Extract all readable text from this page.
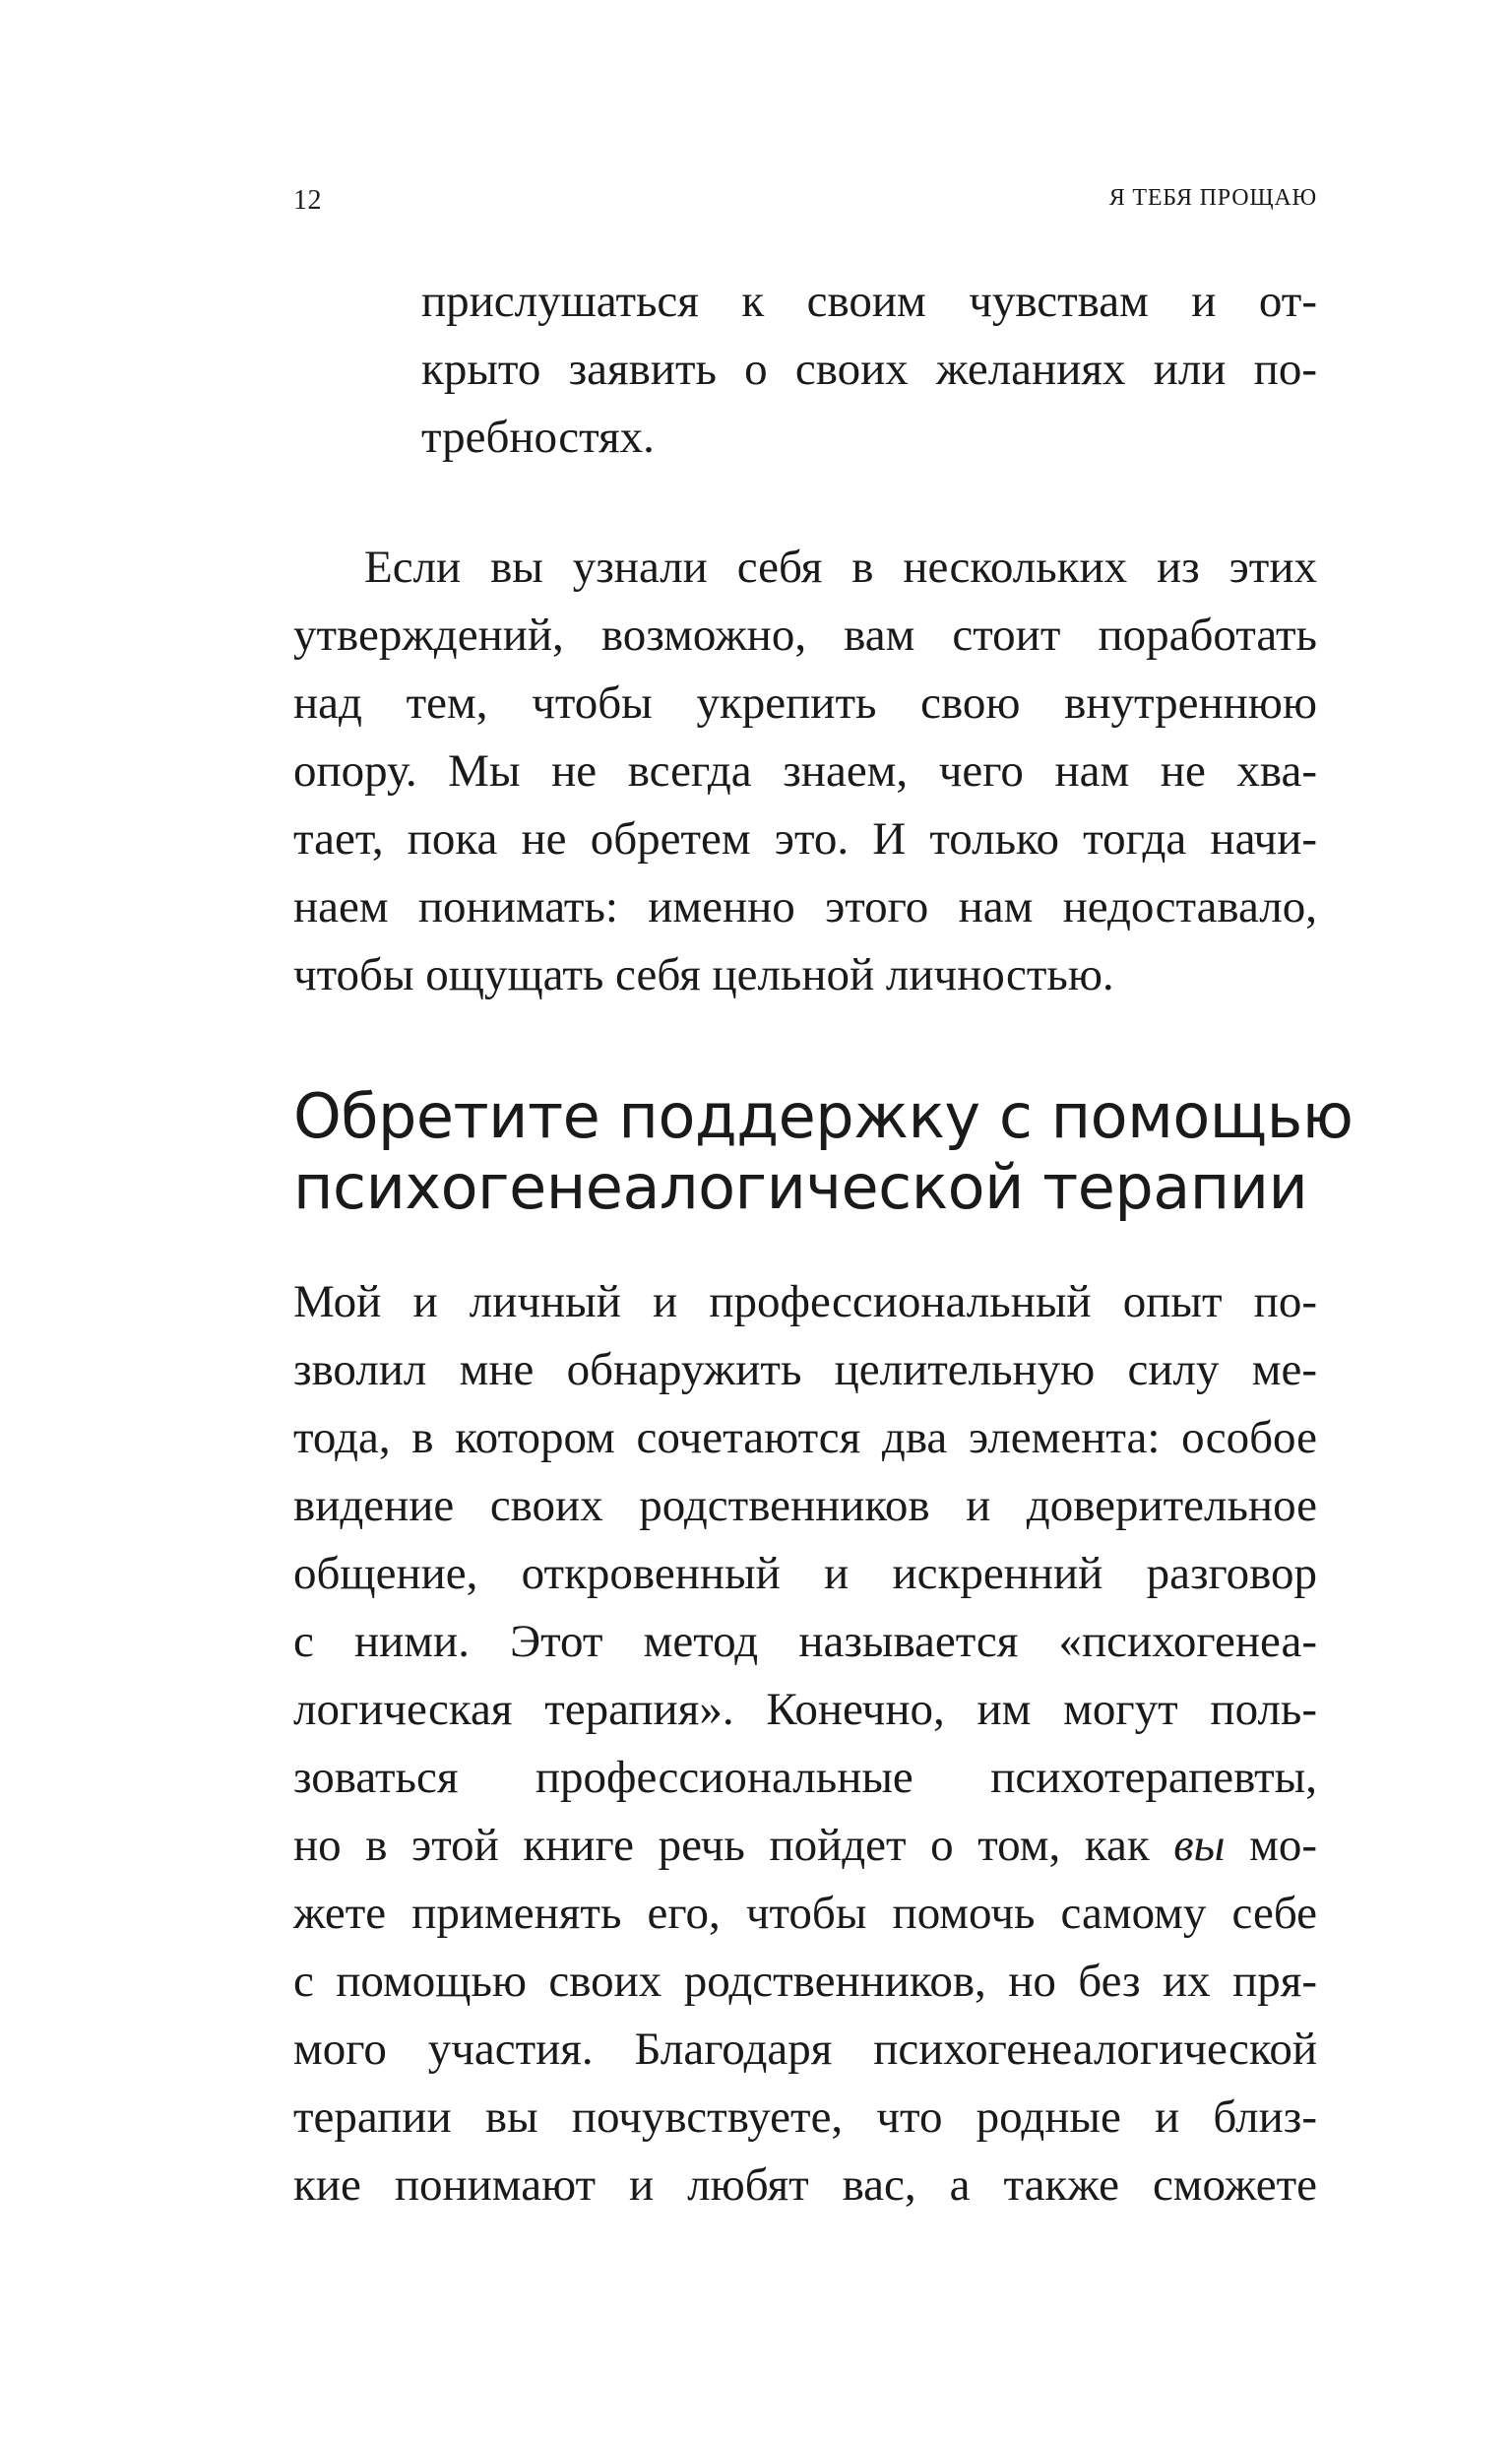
12	Я ТЕБЯ ПРОЩАЮ

прислушаться к своим чувствам и от-
крыто заявить о своих желаниях или по-
требностях.

Если вы узнали себя в нескольких из этих
утверждений, возможно, вам стоит поработать
над тем, чтобы укрепить свою внутреннюю
опору. Мы не всегда знаем, чего нам не хва-
тает, пока не обретем это. И только тогда начи-
наем понимать: именно этого нам недоставало,
чтобы ощущать себя цельной личностью.

Обретите поддержку с помощью
психогенеалогической терапии

Мой и личный и профессиональный опыт по-
зволил мне обнаружить целительную силу ме-
тода, в котором сочетаются два элемента: особое
видение своих родственников и доверительное
общение, откровенный и искренний разговор
с ними. Этот метод называется «психогенеа-
логическая терапия». Конечно, им могут поль-
зоваться профессиональные психотерапевты,
но в этой книге речь пойдет о том, как вы мо-
жете применять его, чтобы помочь самому себе
с помощью своих родственников, но без их пря-
мого участия. Благодаря психогенеалогической
терапии вы почувствуете, что родные и близ-
кие понимают и любят вас, а также сможете
